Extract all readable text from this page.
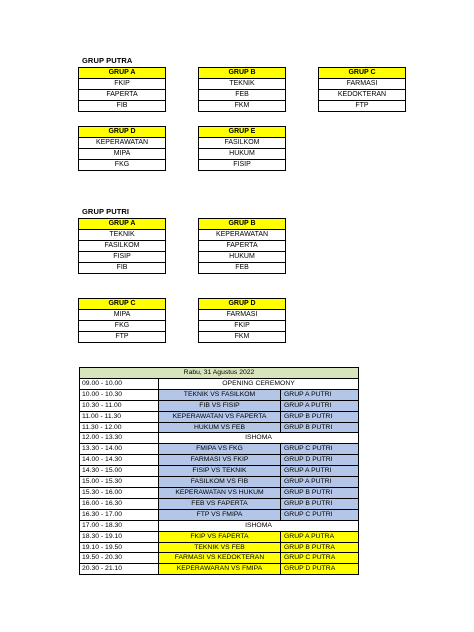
GRUP PUTRA
GRUP A
FKIP
FAPERTA
FIB
GRUP B
TEKNIK
FEB
FKM
GRUP C
FARMASI
KEDOKTERAN
FTP
GRUP D
KEPERAWATAN
MIPA
FKG
GRUP E
FASILKOM
HUKUM
FISIP
GRUP PUTRI
GRUP A
TEKNIK
FASILKOM
FISIP
FIB
GRUP B
KEPERAWATAN
FAPERTA
HUKUM
FEB
GRUP C
MIPA
FKG
FTP
GRUP D
FARMASI
FKIP
FKM
Rabu, 31 Agustus 2022		
09.00 - 10.00	OPENING CEREMONY	
10.00 - 10.30	TEKNIK VS FASILKOM	GRUP A PUTRI
10.30 - 11.00	FIB VS FISIP	GRUP A PUTRI
11.00 - 11.30	KEPERAWATAN VS FAPERTA	GRUP B PUTRI
11.30 - 12.00	HUKUM VS FEB	GRUP B PUTRI
12.00 - 13.30	ISHOMA	
13.30 - 14.00	FMIPA VS FKG	GRUP C PUTRI
14.00 - 14.30	FARMASI VS FKIP	GRUP D PUTRI
14.30 - 15.00	FISIP VS TEKNIK	GRUP A PUTRI
15.00 - 15.30	FASILKOM VS FIB	GRUP A PUTRI
15.30 - 16.00	KEPERAWATAN VS HUKUM	GRUP B PUTRI
16.00 - 16.30	FEB VS FAPERTA	GRUP B PUTRI
16.30 - 17.00	FTP VS FMIPA	GRUP C PUTRI
17.00 - 18.30	ISHOMA	
18.30 - 19.10	FKIP VS FAPERTA	GRUP A PUTRA
19.10 - 19.50	TEKNIK VS FEB	GRUP B PUTRA
19.50 - 20.30	FARMASI VS KEDOKTERAN	GRUP C PUTRA
20.30 - 21.10	KEPERAWARAN VS FMIPA	GRUP D PUTRA
